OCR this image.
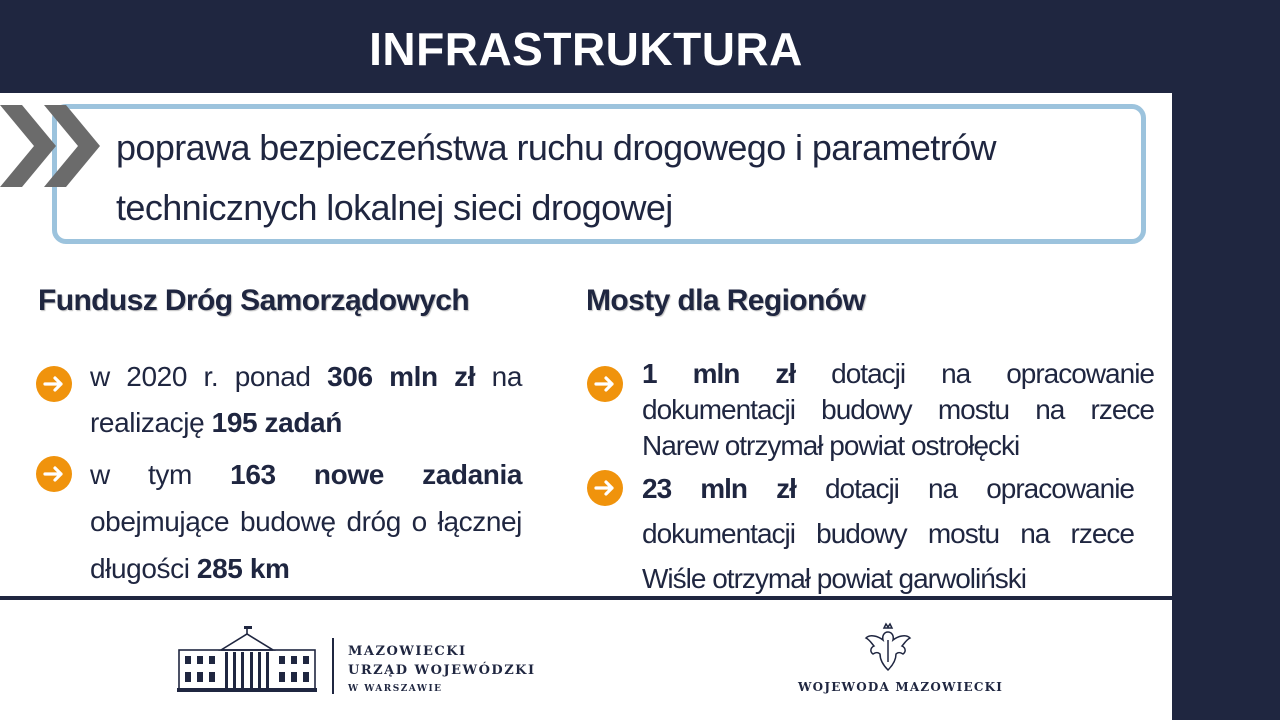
INFRASTRUKTURA
poprawa bezpieczeństwa ruchu drogowego i parametrów
technicznych lokalnej sieci drogowej
Fundusz Dróg Samorządowych
w 2020 r. ponad 306 mln zł na realizację 195 zadań
w tym 163 nowe zadania obejmujące budowę dróg o łącznej długości 285 km
Mosty dla Regionów
1 mln zł dotacji na opracowanie dokumentacji budowy mostu na rzece Narew otrzymał powiat ostrołęcki
23 mln zł dotacji na opracowanie dokumentacji budowy mostu na rzece Wiśle otrzymał powiat garwoliński
MAZOWIECKI
URZĄD WOJEWÓDZKI
W WARSZAWIE	WOJEWODA MAZOWIECKI
